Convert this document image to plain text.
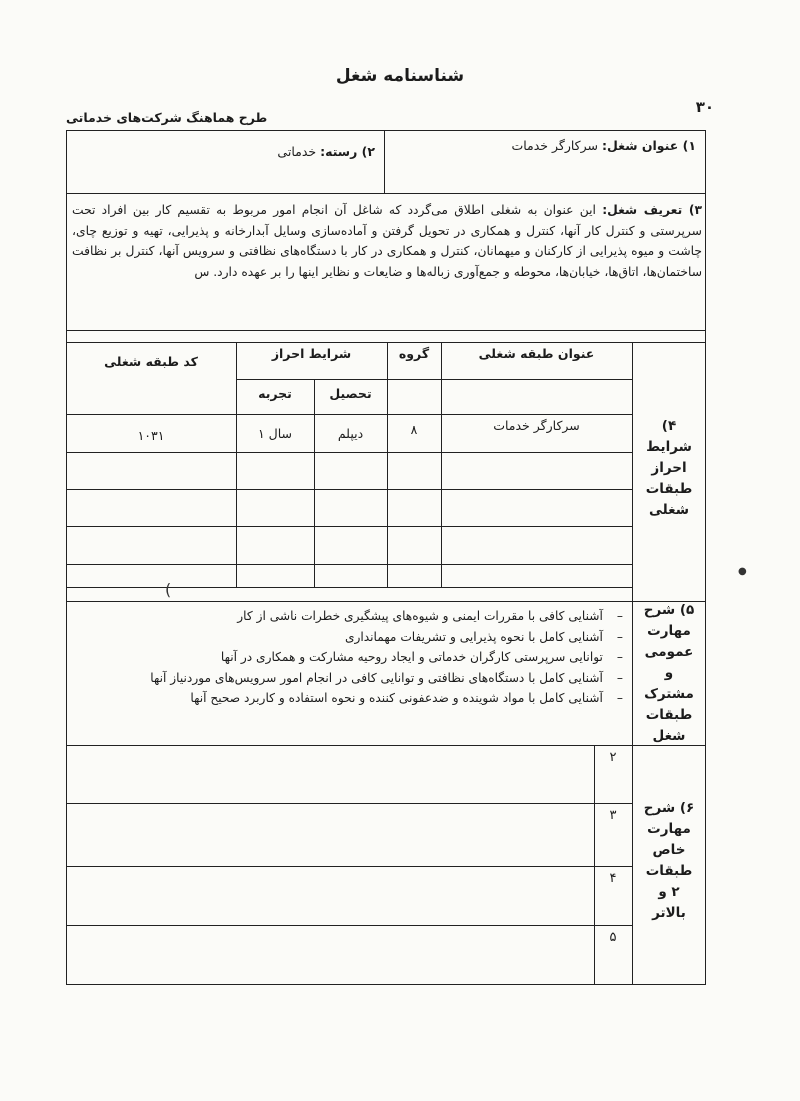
شناسنامه شغل
۳۰
طرح هماهنگ شرکت‌های خدماتی
۱) عنوان شغل: سرکارگر خدمات
۲) رسته: خدماتی
۳) تعریف شغل: این عنوان به شغلی اطلاق می‌گردد که شاغل آن انجام امور مربوط به تقسیم کار بین افراد تحت سرپرستی و کنترل کار آنها، کنترل و همکاری در تحویل گرفتن و آماده‌سازی وسایل آبدارخانه و پذیرایی، تهیه و توزیع چای، چاشت و میوه پذیرایی از کارکنان و میهمانان، کنترل و همکاری در کار با دستگاه‌های نظافتی و سرویس آنها، کنترل بر نظافت ساختمان‌ها، اتاق‌ها، خیابان‌ها، محوطه و جمع‌آوری زباله‌ها و ضایعات و نظایر اینها را بر عهده دارد. س
عنوان طبقه شغلی
گروه
شرایط احراز
تحصیل
تجربه
کد طبقه شغلی
سرکارگر خدمات
۸
دیپلم
۱ سال
۱۰۳۱
۴) شرایط احراز طبقات شغلی
– آشنایی کافی با مقررات ایمنی و شیوه‌های پیشگیری خطرات ناشی از کار
– آشنایی کامل با نحوه پذیرایی و تشریفات مهمانداری
– توانایی سرپرستی کارگران خدماتی و ایجاد روحیه مشارکت و همکاری در آنها
– آشنایی کامل با دستگاه‌های نظافتی و توانایی کافی در انجام امور سرویس‌های موردنیاز آنها
– آشنایی کامل با مواد شوینده و ضدعفونی کننده و نحوه استفاده و کاربرد صحیح آنها
۵) شرح مهارت عمومی و مشترک طبقات شغل
۲
۳
۴
۵
۶) شرح مهارت خاص طبقات ۲ و بالاتر
(
●
